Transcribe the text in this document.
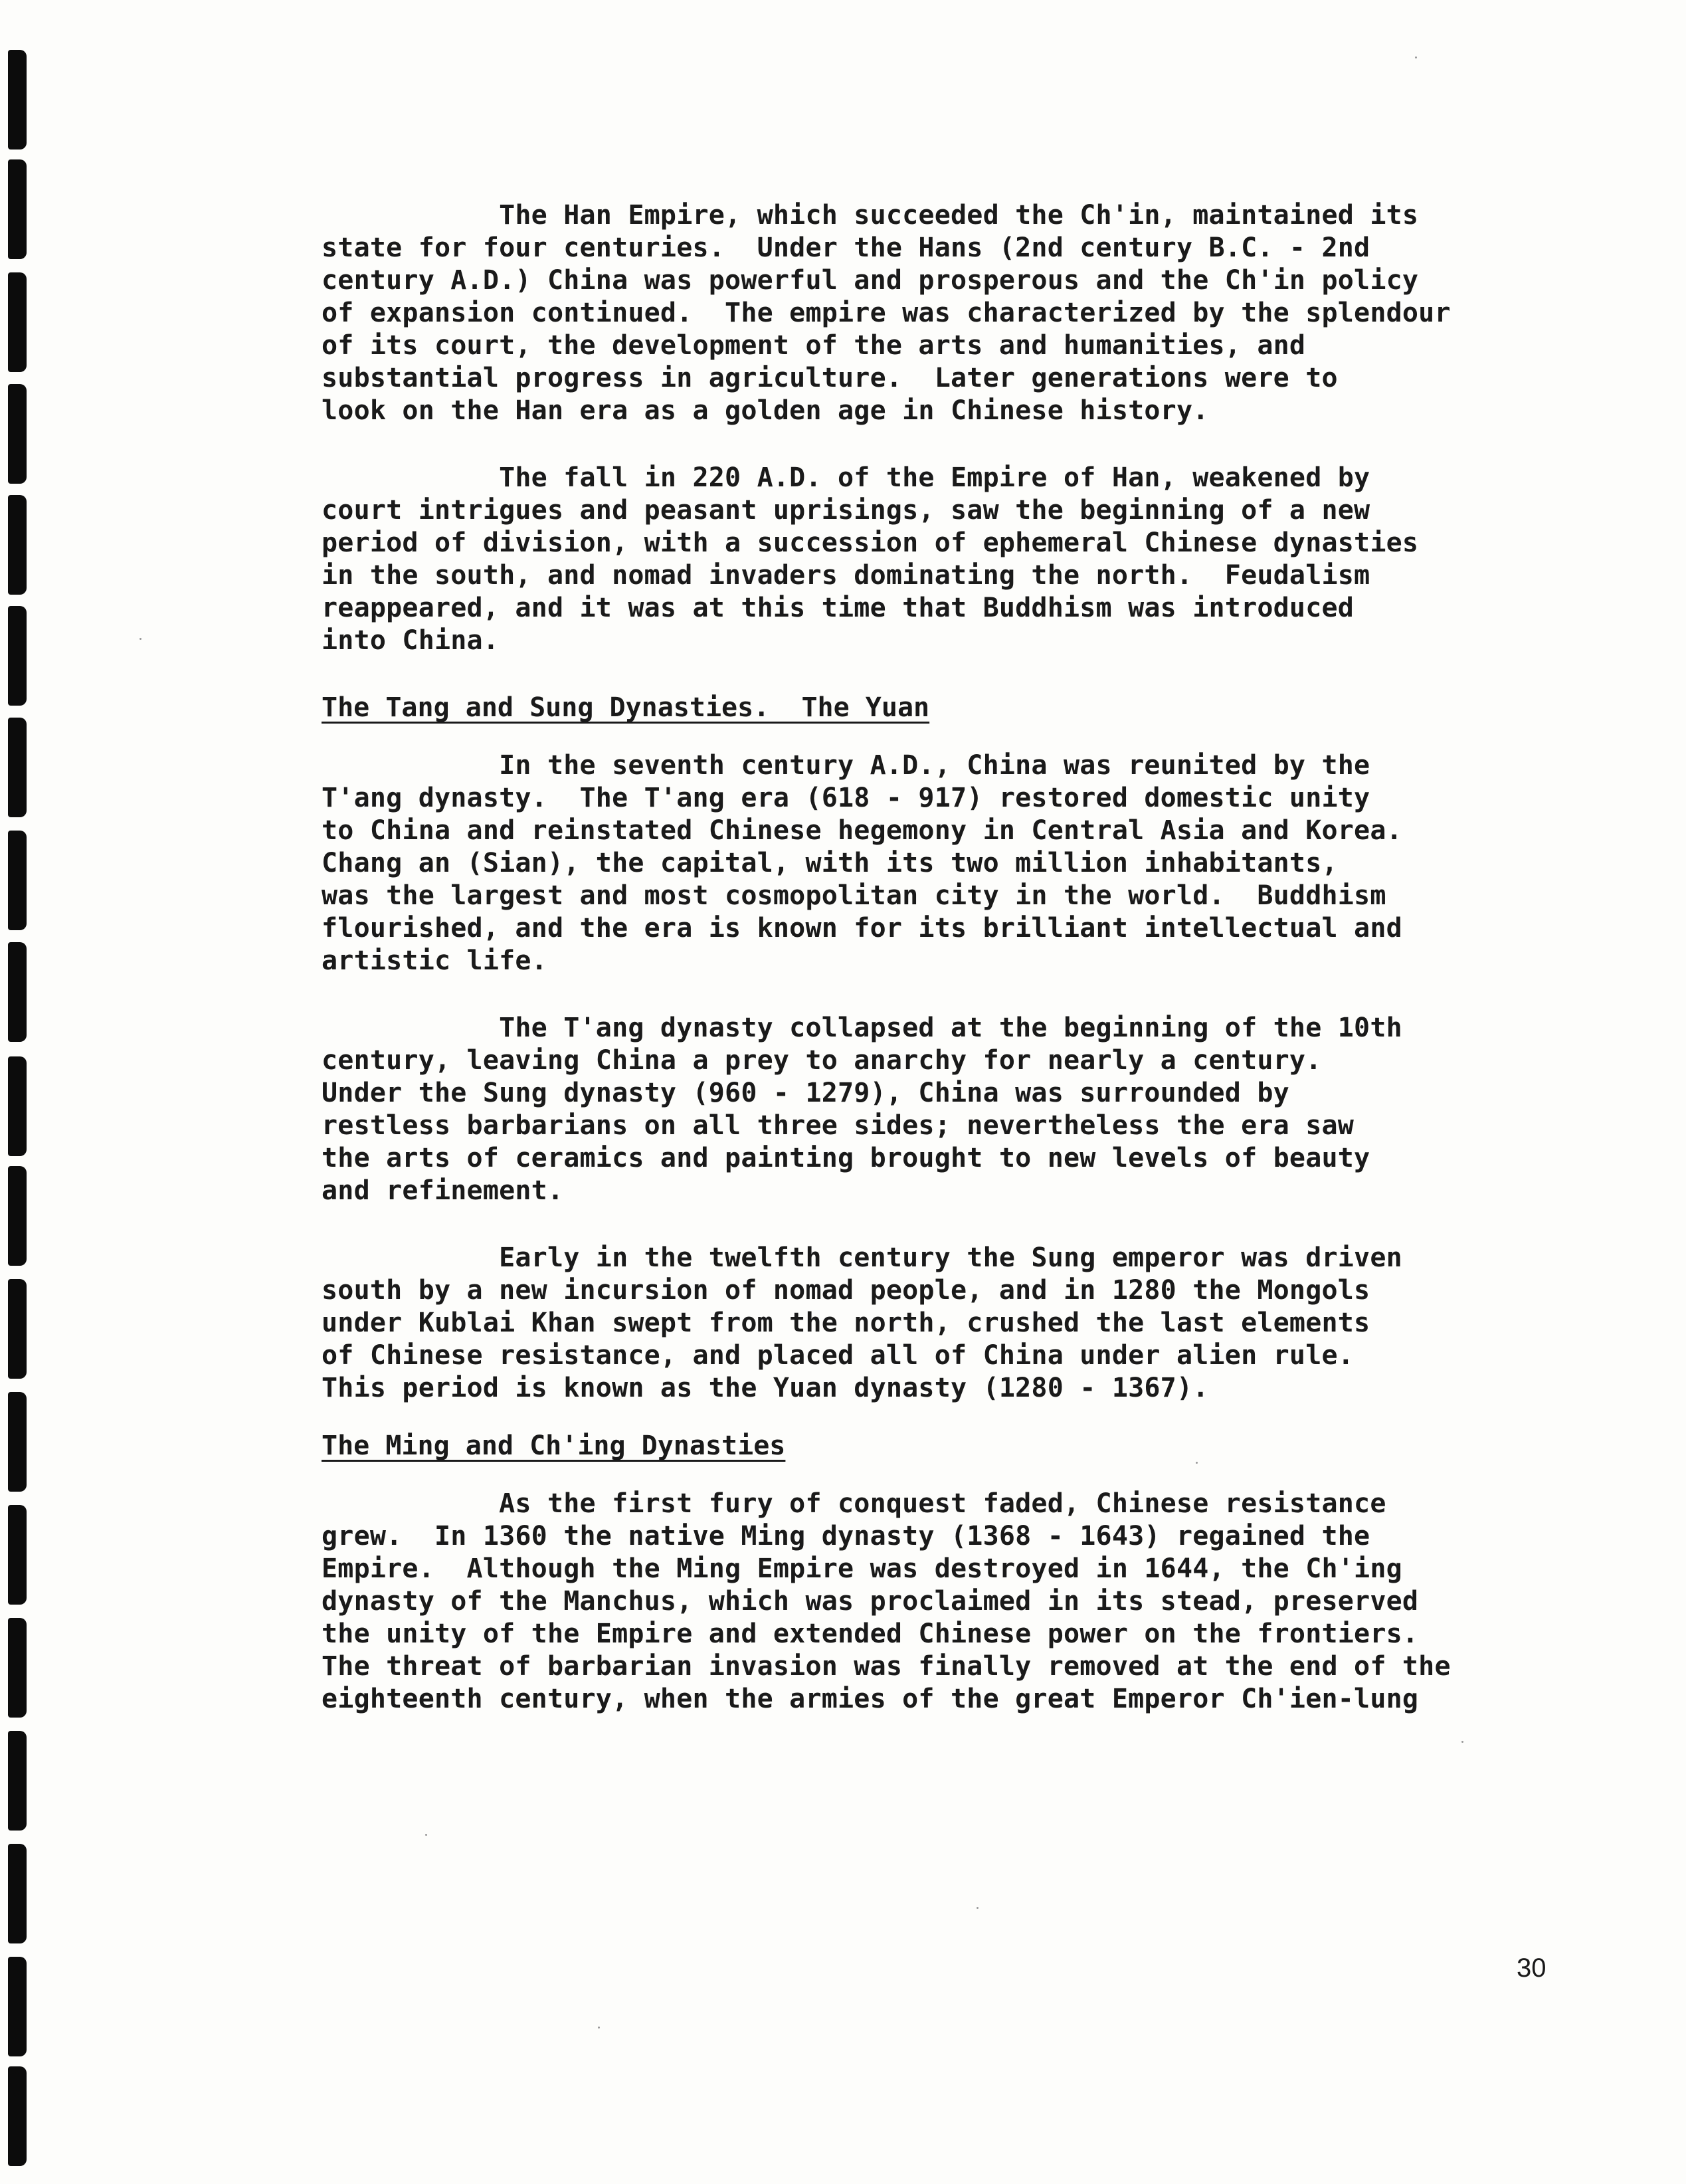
The Han Empire, which succeeded the Ch'in, maintained its
state for four centuries.  Under the Hans (2nd century B.C. - 2nd
century A.D.) China was powerful and prosperous and the Ch'in policy
of expansion continued.  The empire was characterized by the splendour
of its court, the development of the arts and humanities, and
substantial progress in agriculture.  Later generations were to
look on the Han era as a golden age in Chinese history.

The fall in 220 A.D. of the Empire of Han, weakened by
court intrigues and peasant uprisings, saw the beginning of a new
period of division, with a succession of ephemeral Chinese dynasties
in the south, and nomad invaders dominating the north.  Feudalism
reappeared, and it was at this time that Buddhism was introduced
into China.

The Tang and Sung Dynasties.  The Yuan

In the seventh century A.D., China was reunited by the
T'ang dynasty.  The T'ang era (618 - 917) restored domestic unity
to China and reinstated Chinese hegemony in Central Asia and Korea.
Chang an (Sian), the capital, with its two million inhabitants,
was the largest and most cosmopolitan city in the world.  Buddhism
flourished, and the era is known for its brilliant intellectual and
artistic life.

The T'ang dynasty collapsed at the beginning of the 10th
century, leaving China a prey to anarchy for nearly a century.
Under the Sung dynasty (960 - 1279), China was surrounded by
restless barbarians on all three sides; nevertheless the era saw
the arts of ceramics and painting brought to new levels of beauty
and refinement.

Early in the twelfth century the Sung emperor was driven
south by a new incursion of nomad people, and in 1280 the Mongols
under Kublai Khan swept from the north, crushed the last elements
of Chinese resistance, and placed all of China under alien rule.
This period is known as the Yuan dynasty (1280 - 1367).

The Ming and Ch'ing Dynasties

As the first fury of conquest faded, Chinese resistance
grew.  In 1360 the native Ming dynasty (1368 - 1643) regained the
Empire.  Although the Ming Empire was destroyed in 1644, the Ch'ing
dynasty of the Manchus, which was proclaimed in its stead, preserved
the unity of the Empire and extended Chinese power on the frontiers.
The threat of barbarian invasion was finally removed at the end of the
eighteenth century, when the armies of the great Emperor Ch'ien-lung

30
